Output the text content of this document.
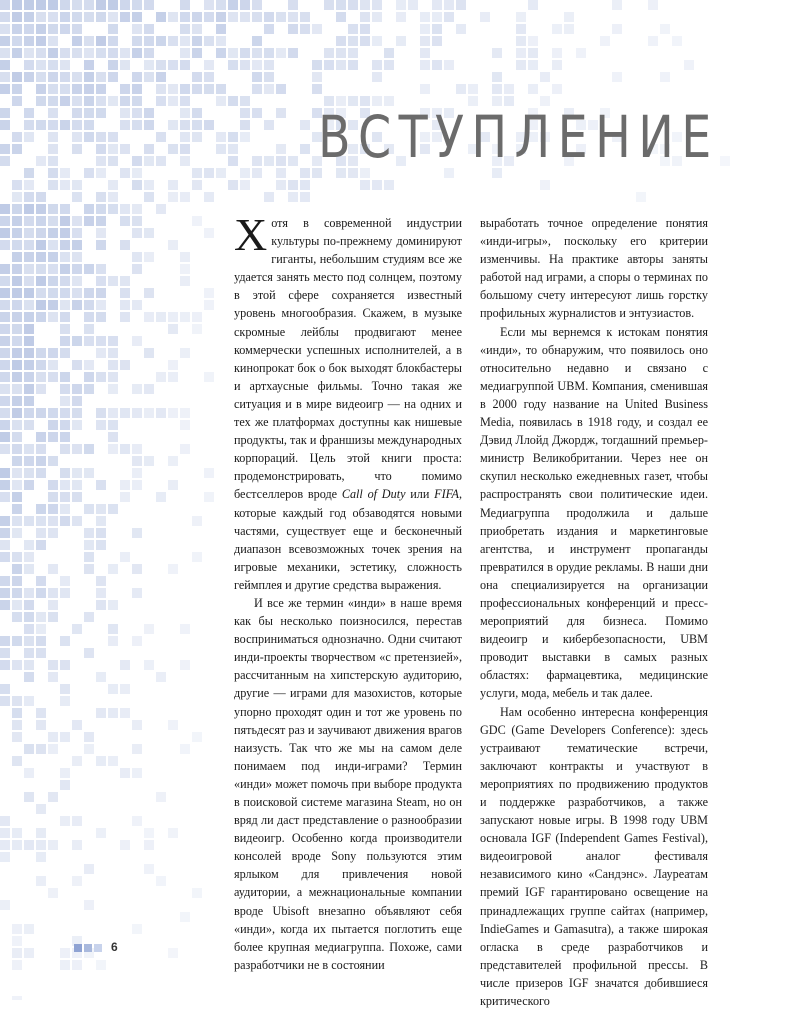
ВСТУПЛЕНИЕ

Хотя в современной индустрии культуры по-прежнему доминируют гиганты, небольшим студиям все же удается занять место под солнцем, поэтому в этой сфере сохраняется известный уровень многообразия. Скажем, в музыке скромные лейблы продвигают менее коммерчески успешных исполнителей, а в кинопрокат бок о бок выходят блокбастеры и артхаусные фильмы. Точно такая же ситуация и в мире видеоигр — на одних и тех же платформах доступны как нишевые продукты, так и франшизы международных корпораций. Цель этой книги проста: продемонстрировать, что помимо бестселлеров вроде Call of Duty или FIFA, которые каждый год обзаводятся новыми частями, существует еще и бесконечный диапазон всевозможных точек зрения на игровые механики, эстетику, сложность геймплея и другие средства выражения.

И все же термин «инди» в наше время как бы несколько поизносился, перестав восприниматься однозначно. Одни считают инди-проекты творчеством «с претензией», рассчитанным на хипстерскую аудиторию, другие — играми для мазохистов, которые упорно проходят один и тот же уровень по пятьдесят раз и заучивают движения врагов наизусть. Так что же мы на самом деле понимаем под инди-играми? Термин «инди» может помочь при выборе продукта в поисковой системе магазина Steam, но он вряд ли даст представление о разнообразии видеоигр. Особенно когда производители консолей вроде Sony пользуются этим ярлыком для привлечения новой аудитории, а межнациональные компании вроде Ubisoft внезапно объявляют себя «инди», когда их пытается поглотить еще более крупная медиагруппа. Похоже, сами разработчики не в состоянии

выработать точное определение понятия «инди-игры», поскольку его критерии изменчивы. На практике авторы заняты работой над играми, а споры о терминах по большому счету интересуют лишь горстку профильных журналистов и энтузиастов.

Если мы вернемся к истокам понятия «инди», то обнаружим, что появилось оно относительно недавно и связано с медиагруппой UBM. Компания, сменившая в 2000 году название на United Business Media, появилась в 1918 году, и создал ее Дэвид Ллойд Джордж, тогдашний премьер-министр Великобритании. Через нее он скупил несколько ежедневных газет, чтобы распространять свои политические идеи. Медиагруппа продолжила и дальше приобретать издания и маркетинговые агентства, и инструмент пропаганды превратился в орудие рекламы. В наши дни она специализируется на организации профессиональных конференций и пресс-мероприятий для бизнеса. Помимо видеоигр и кибербезопасности, UBM проводит выставки в самых разных областях: фармацевтика, медицинские услуги, мода, мебель и так далее.

Нам особенно интересна конференция GDC (Game Developers Conference): здесь устраивают тематические встречи, заключают контракты и участвуют в мероприятиях по продвижению продуктов и поддержке разработчиков, а также запускают новые игры. В 1998 году UBM основала IGF (Independent Games Festival), видеоигровой аналог фестиваля независимого кино «Сандэнс». Лауреатам премий IGF гарантировано освещение на принадлежащих группе сайтах (например, IndieGames и Gamasutra), а также широкая огласка в среде разработчиков и представителей профильной прессы. В числе призеров IGF значатся добившиеся критического

6
